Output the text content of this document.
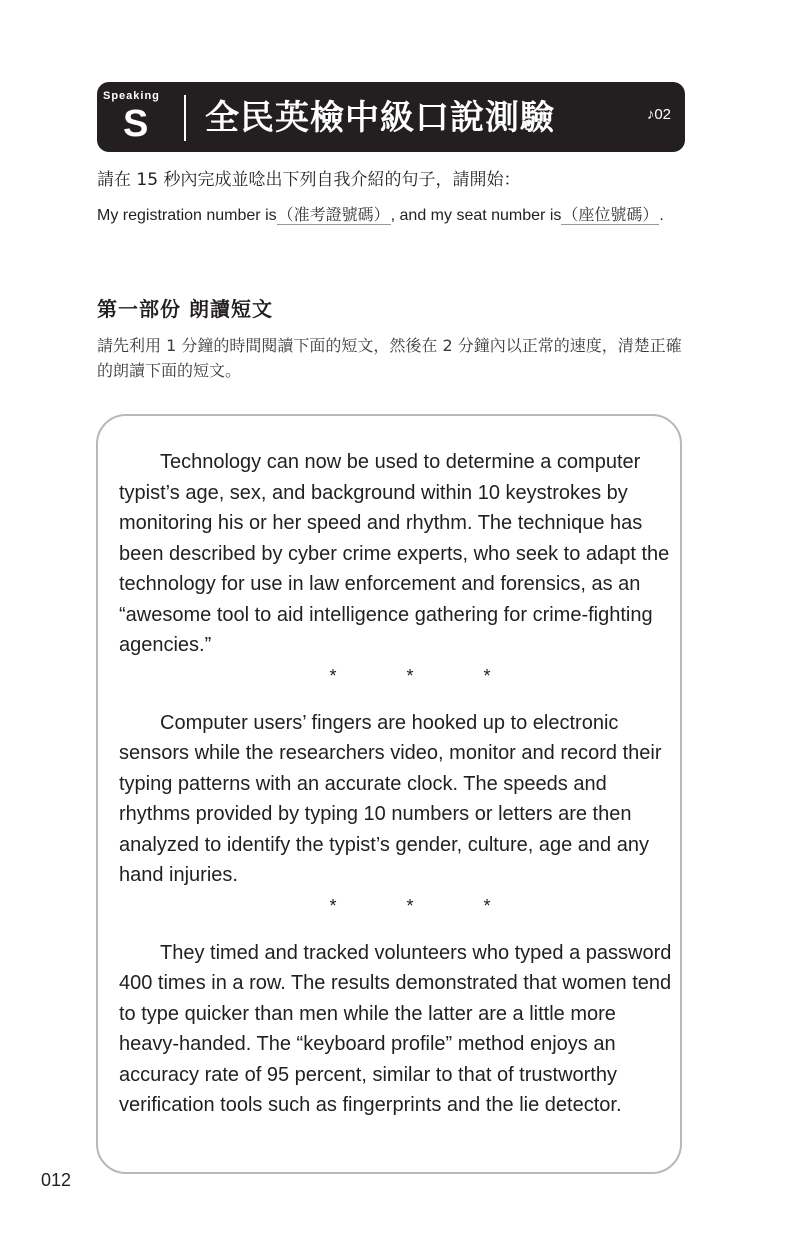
Speaking
S 全民英檢中級口說測驗	♪02
請在 15 秒內完成並唸出下列自我介紹的句子，請開始：
My registration number is（准考證號碼）, and my seat number is（座位號碼）.
第一部份 朗讀短文
請先利用 1 分鐘的時間閱讀下面的短文，然後在 2 分鐘內以正常的速度，清楚正確的朗讀下面的短文。

Technology can now be used to determine a computer typist’s age, sex, and background within 10 keystrokes by monitoring his or her speed and rhythm. The technique has been described by cyber crime experts, who seek to adapt the technology for use in law enforcement and forensics, as an “awesome tool to aid intelligence gathering for crime-fighting agencies.”

*	*	*

Computer users’ fingers are hooked up to electronic sensors while the researchers video, monitor and record their typing patterns with an accurate clock. The speeds and rhythms provided by typing 10 numbers or letters are then analyzed to identify the typist’s gender, culture, age and any hand injuries.

*	*	*

They timed and tracked volunteers who typed a password 400 times in a row. The results demonstrated that women tend to type quicker than men while the latter are a little more heavy-handed. The “keyboard profile” method enjoys an accuracy rate of 95 percent, similar to that of trustworthy verification tools such as fingerprints and the lie detector.

012
